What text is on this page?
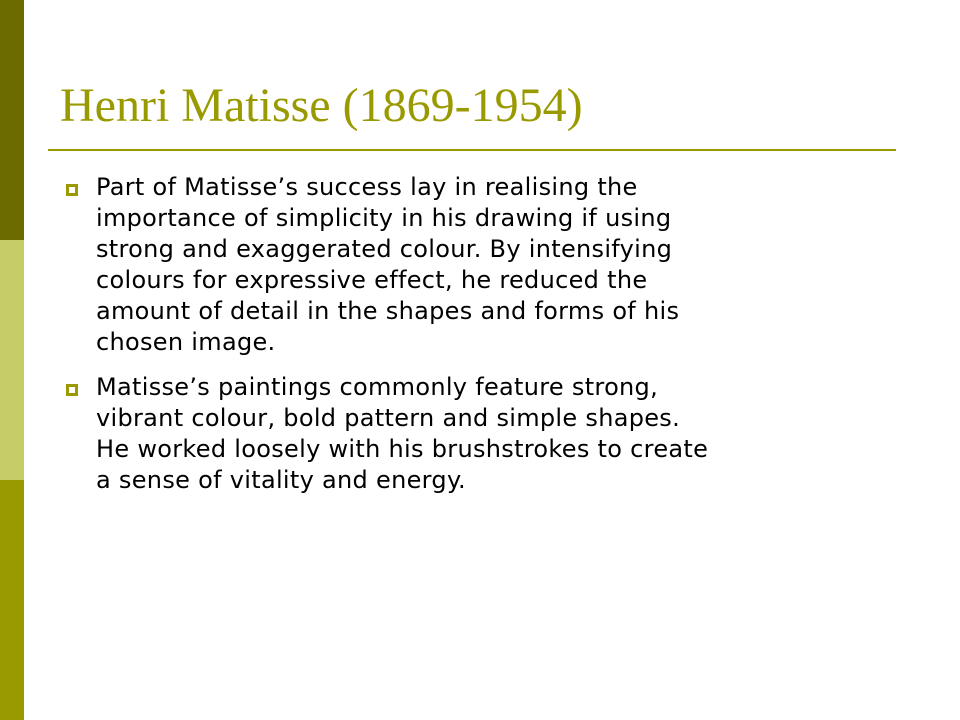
Henri Matisse (1869-1954)

Part of Matisse’s success lay in realising the
importance of simplicity in his drawing if using
strong and exaggerated colour. By intensifying
colours for expressive effect, he reduced the
amount of detail in the shapes and forms of his
chosen image.

Matisse’s paintings commonly feature strong,
vibrant colour, bold pattern and simple shapes.
He worked loosely with his brushstrokes to create
a sense of vitality and energy.
